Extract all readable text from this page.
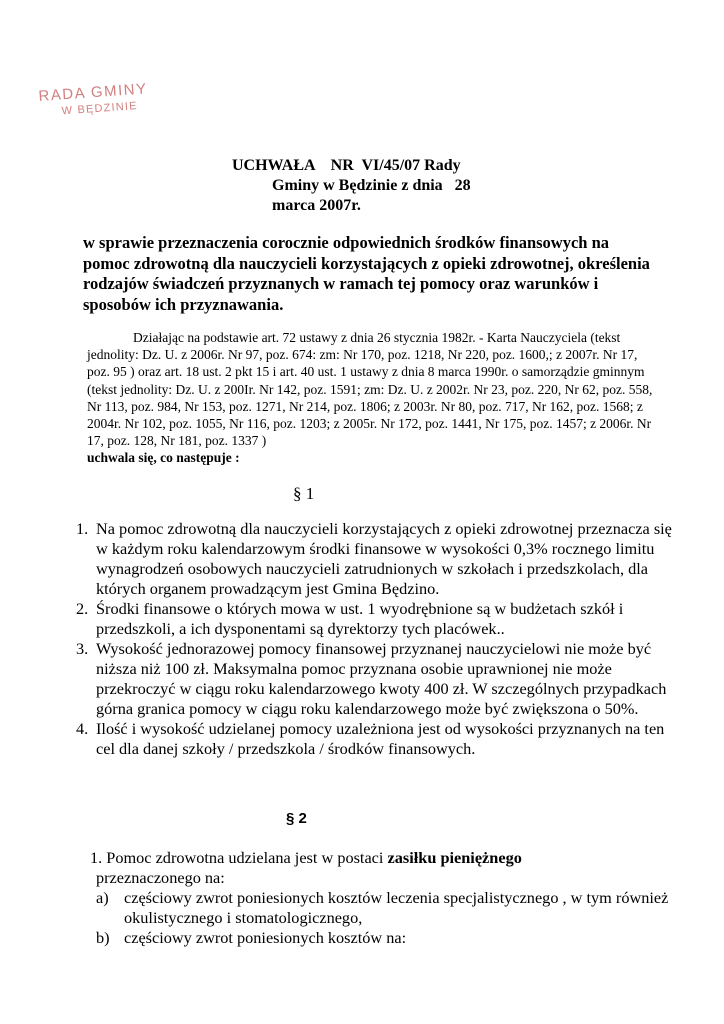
RADA GMINY
W BĘDZINIE
UCHWAŁA    NR  VI/45/07 Rady
Gminy w Będzinie z dnia   28
marca 2007r.
w sprawie przeznaczenia corocznie odpowiednich środków finansowych na pomoc zdrowotną dla nauczycieli korzystających z opieki zdrowotnej, określenia rodzajów świadczeń przyznanych w ramach tej pomocy oraz warunków i sposobów ich przyznawania.
Działając na podstawie art. 72 ustawy z dnia 26 stycznia 1982r. - Karta Nauczyciela (tekst jednolity: Dz. U. z 2006r. Nr 97, poz. 674: zm: Nr 170, poz. 1218, Nr 220, poz. 1600,; z 2007r. Nr 17, poz. 95 ) oraz art. 18 ust. 2 pkt 15 i art. 40 ust. 1 ustawy z dnia 8 marca 1990r. o samorządzie gminnym (tekst jednolity: Dz. U. z 200Ir. Nr 142, poz. 1591; zm: Dz. U. z 2002r. Nr 23, poz. 220, Nr 62, poz. 558, Nr 113, poz. 984, Nr 153, poz. 1271, Nr 214, poz. 1806; z 2003r. Nr 80, poz. 717, Nr 162, poz. 1568; z 2004r. Nr 102, poz. 1055, Nr 116, poz. 1203; z 2005r. Nr 172, poz. 1441, Nr 175, poz. 1457; z 2006r. Nr 17, poz. 128, Nr 181, poz. 1337 )
uchwala się, co następuje :
§ 1
1. Na pomoc zdrowotną dla nauczycieli korzystających z opieki zdrowotnej przeznacza się w każdym roku kalendarzowym środki finansowe w wysokości 0,3% rocznego limitu wynagrodzeń osobowych nauczycieli zatrudnionych w szkołach i przedszkolach, dla których organem prowadzącym jest Gmina Będzino.
2. Środki finansowe o których mowa w ust. 1 wyodrębnione są w budżetach szkół i przedszkoli, a ich dysponentami są dyrektorzy tych placówek..
3. Wysokość jednorazowej pomocy finansowej przyznanej nauczycielowi nie może być niższa niż 100 zł. Maksymalna pomoc przyznana osobie uprawnionej nie może przekroczyć w ciągu roku kalendarzowego kwoty 400 zł. W szczególnych przypadkach górna granica pomocy w ciągu roku kalendarzowego może być zwiększona o 50%.
4. Ilość i wysokość udzielanej pomocy uzależniona jest od wysokości przyznanych na ten cel dla danej szkoły / przedszkola / środków finansowych.
§ 2
1. Pomoc zdrowotna udzielana jest w postaci zasiłku pieniężnego
przeznaczonego na:
a) częściowy zwrot poniesionych kosztów leczenia specjalistycznego , w tym również okulistycznego i stomatologicznego,
b) częściowy zwrot poniesionych kosztów na:
